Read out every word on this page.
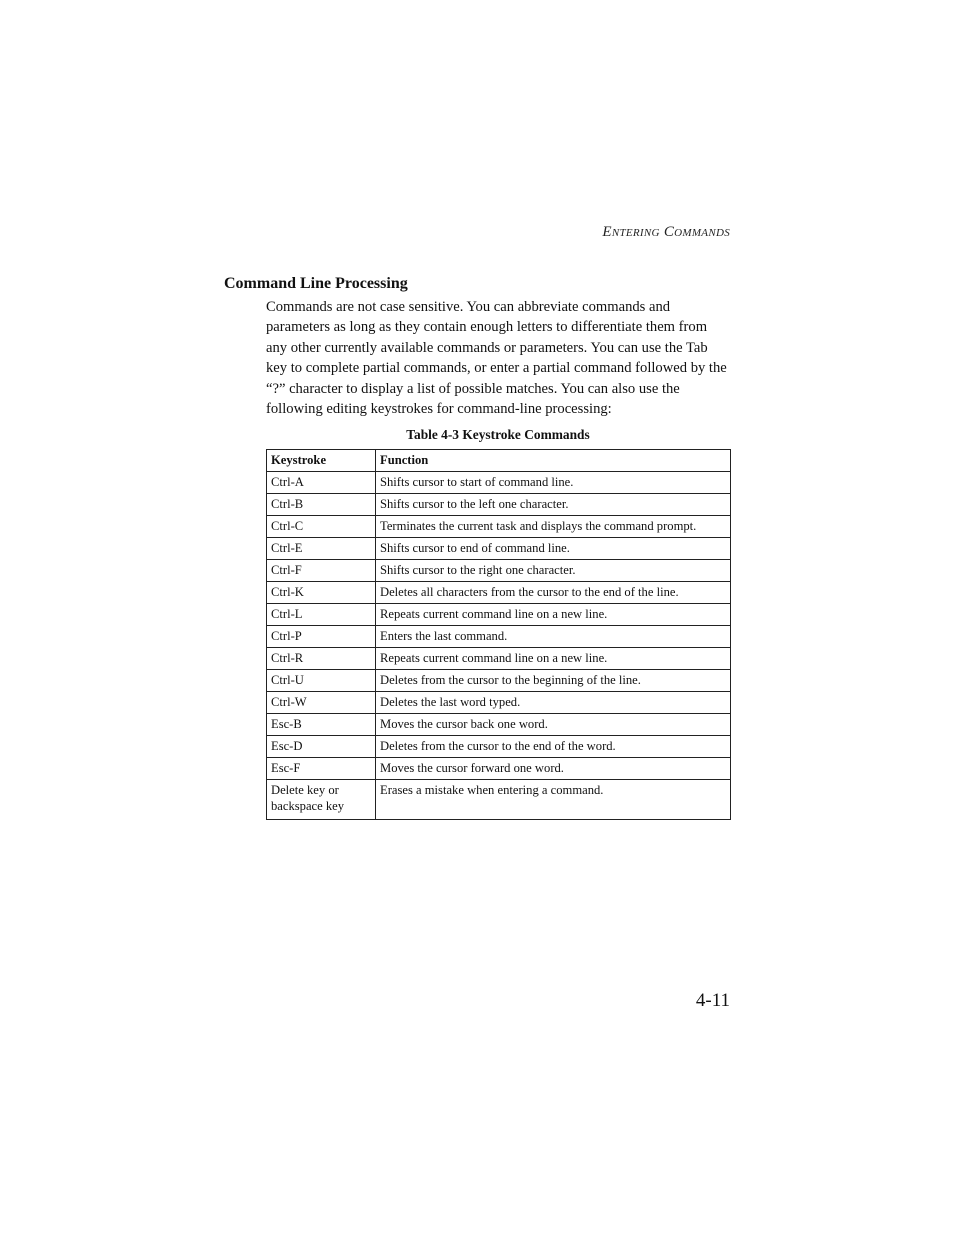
Entering Commands
Command Line Processing

Commands are not case sensitive. You can abbreviate commands and parameters as long as they contain enough letters to differentiate them from any other currently available commands or parameters. You can use the Tab key to complete partial commands, or enter a partial command followed by the “?” character to display a list of possible matches. You can also use the following editing keystrokes for command-line processing:

Table 4-3 Keystroke Commands

Keystroke	Function
Ctrl-A	Shifts cursor to start of command line.
Ctrl-B	Shifts cursor to the left one character.
Ctrl-C	Terminates the current task and displays the command prompt.
Ctrl-E	Shifts cursor to end of command line.
Ctrl-F	Shifts cursor to the right one character.
Ctrl-K	Deletes all characters from the cursor to the end of the line.
Ctrl-L	Repeats current command line on a new line.
Ctrl-P	Enters the last command.
Ctrl-R	Repeats current command line on a new line.
Ctrl-U	Deletes from the cursor to the beginning of the line.
Ctrl-W	Deletes the last word typed.
Esc-B	Moves the cursor back one word.
Esc-D	Deletes from the cursor to the end of the word.
Esc-F	Moves the cursor forward one word.
Delete key or backspace key	Erases a mistake when entering a command.

4-11
